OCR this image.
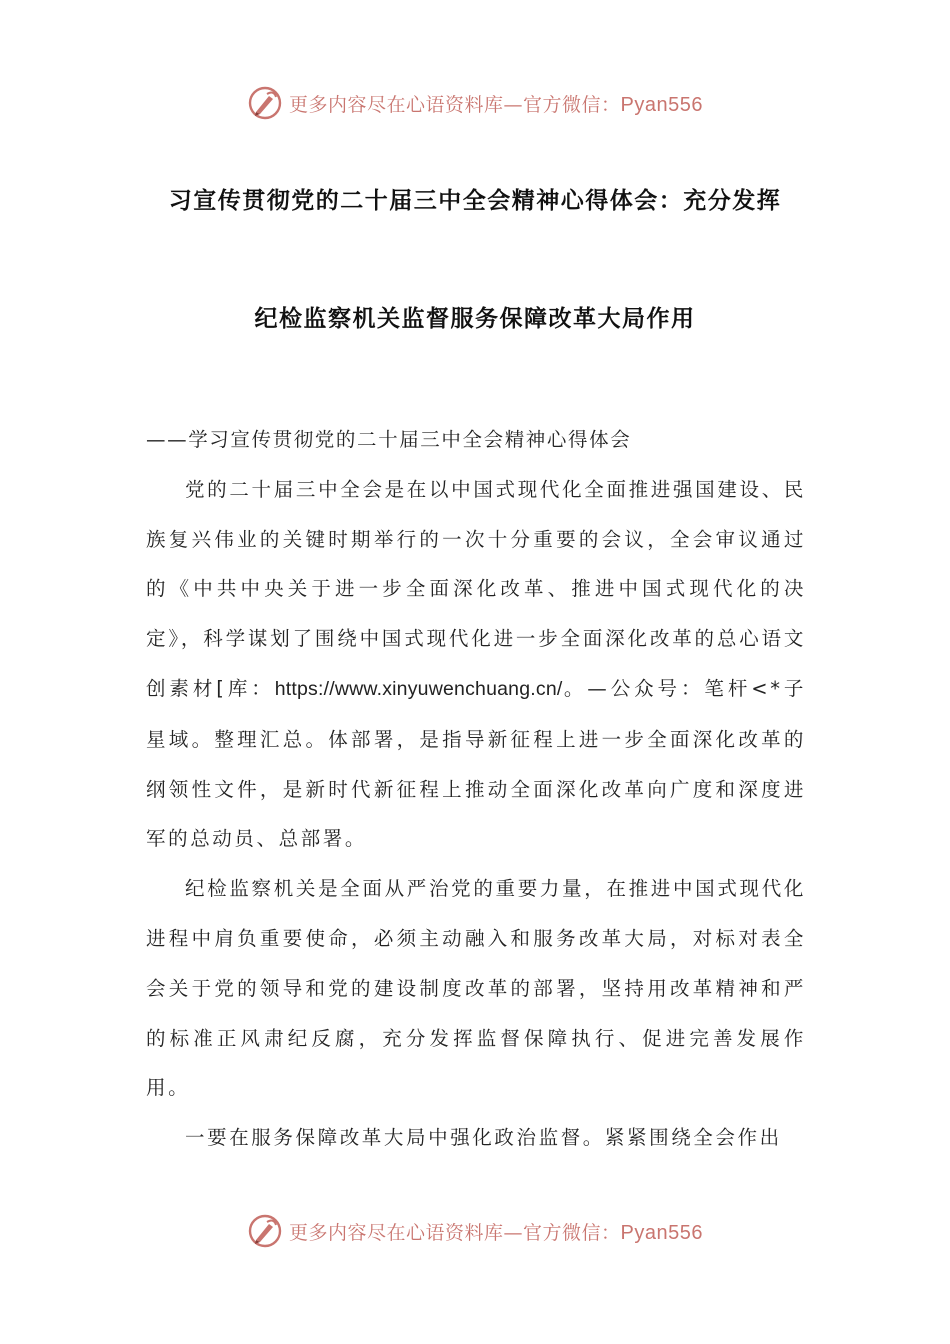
更多内容尽在心语资料库—官方微信：Pyan556
习宣传贯彻党的二十届三中全会精神心得体会：充分发挥
纪检监察机关监督服务保障改革大局作用

——学习宣传贯彻党的二十届三中全会精神心得体会

党的二十届三中全会是在以中国式现代化全面推进强国建设、民族复兴伟业的关键时期举行的一次十分重要的会议，全会审议通过的《中共中央关于进一步全面深化改革、推进中国式现代化的决定》，科学谋划了围绕中国式现代化进一步全面深化改革的总心语文创素材[库：https://www.xinyuwenchuang.cn/。—公众号：笔杆<*子星域。整理汇总。体部署，是指导新征程上进一步全面深化改革的纲领性文件，是新时代新征程上推动全面深化改革向广度和深度进军的总动员、总部署。

纪检监察机关是全面从严治党的重要力量，在推进中国式现代化进程中肩负重要使命，必须主动融入和服务改革大局，对标对表全会关于党的领导和党的建设制度改革的部署，坚持用改革精神和严的标准正风肃纪反腐，充分发挥监督保障执行、促进完善发展作用。

一要在服务保障改革大局中强化政治监督。紧紧围绕全会作出

更多内容尽在心语资料库—官方微信：Pyan556
